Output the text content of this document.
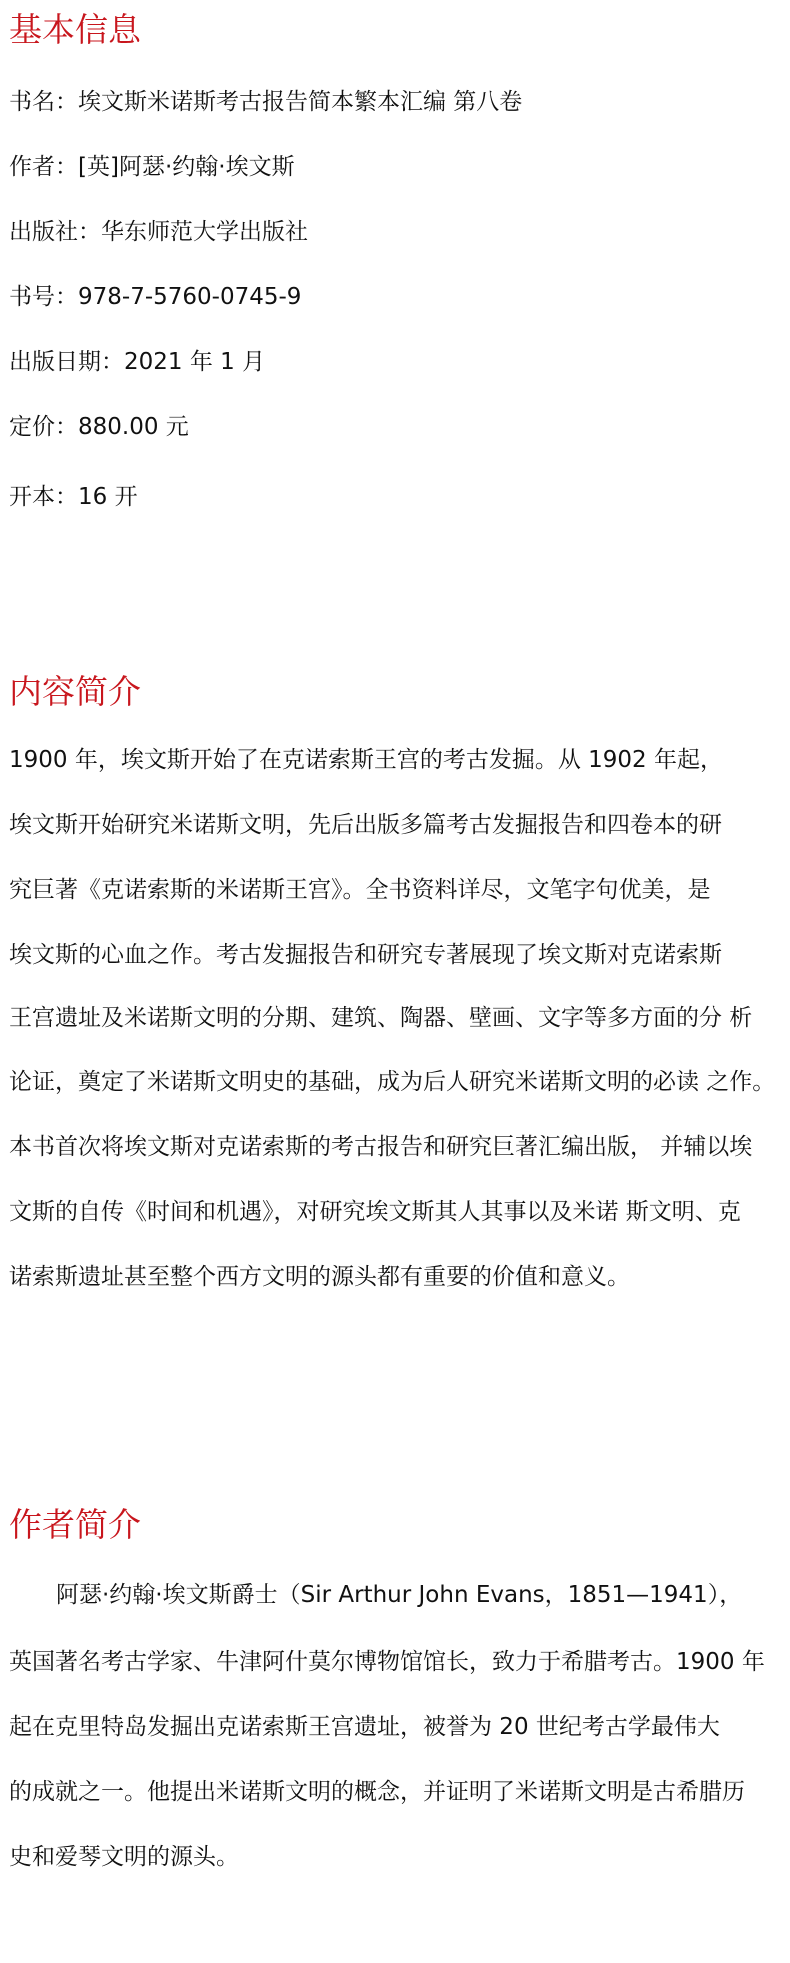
基本信息

书名：埃文斯米诺斯考古报告简本繁本汇编 第八卷

作者：[英]阿瑟·约翰·埃文斯

出版社：华东师范大学出版社

书号：978-7-5760-0745-9

出版日期：2021 年 1 月

定价：880.00 元

开本：16 开

内容简介

1900 年，埃文斯开始了在克诺索斯王宫的考古发掘。从 1902 年起，

埃文斯开始研究米诺斯文明，先后出版多篇考古发掘报告和四卷本的研

究巨著《克诺索斯的米诺斯王宫》。全书资料详尽，文笔字句优美，是

埃文斯的心血之作。考古发掘报告和研究专著展现了埃文斯对克诺索斯

王宫遗址及米诺斯文明的分期、建筑、陶器、壁画、文字等多方面的分 析

论证，奠定了米诺斯文明史的基础，成为后人研究米诺斯文明的必读 之作。

本书首次将埃文斯对克诺索斯的考古报告和研究巨著汇编出版， 并辅以埃

文斯的自传《时间和机遇》，对研究埃文斯其人其事以及米诺 斯文明、克

诺索斯遗址甚至整个西方文明的源头都有重要的价值和意义。

作者简介

阿瑟·约翰·埃文斯爵士（Sir Arthur John Evans，1851—1941），

英国著名考古学家、牛津阿什莫尔博物馆馆长，致力于希腊考古。1900 年

起在克里特岛发掘出克诺索斯王宫遗址，被誉为 20 世纪考古学最伟大

的成就之一。他提出米诺斯文明的概念，并证明了米诺斯文明是古希腊历

史和爱琴文明的源头。
